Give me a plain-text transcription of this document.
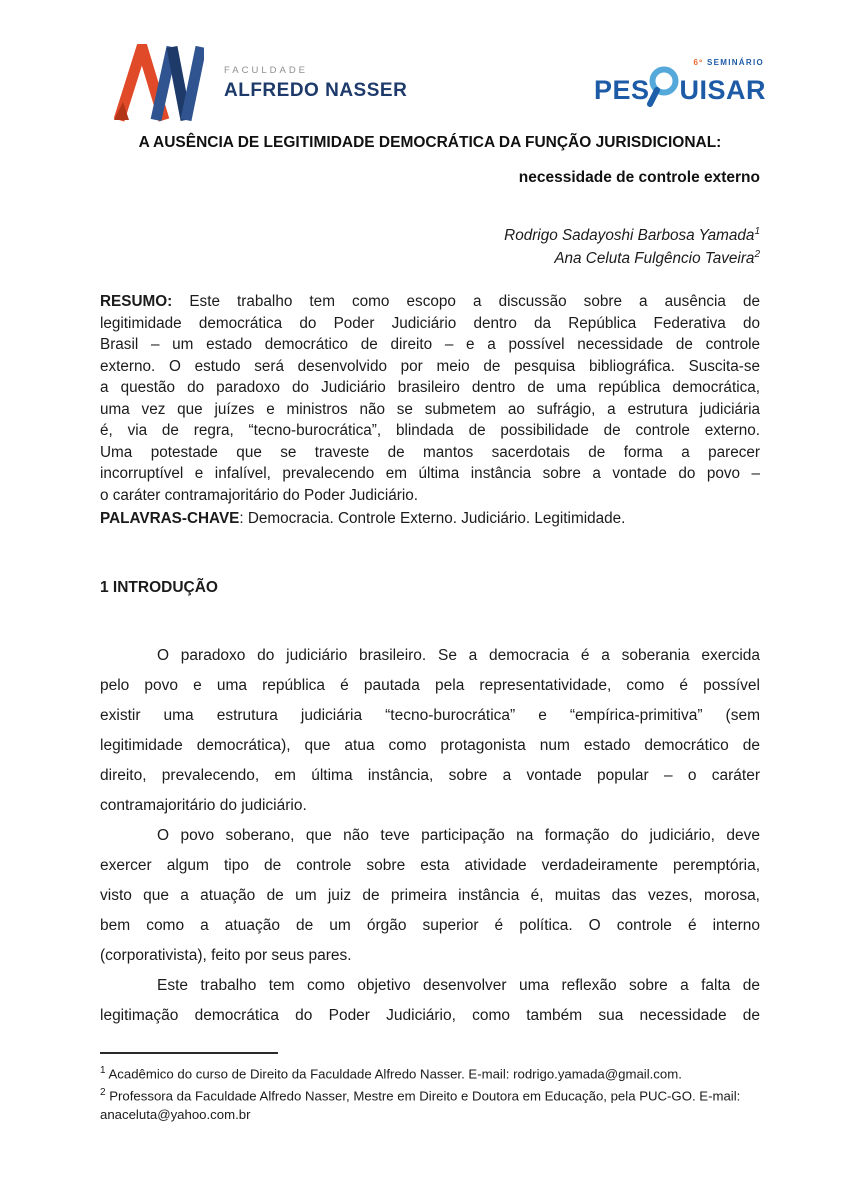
FACULDADE
ALFREDO NASSER
6º SEMINÁRIO
PES UISAR
A AUSÊNCIA DE LEGITIMIDADE DEMOCRÁTICA DA FUNÇÃO JURISDICIONAL:
necessidade de controle externo
Rodrigo Sadayoshi Barbosa Yamada$^1$
Ana Celuta Fulgêncio Taveira$^2$
RESUMO: Este trabalho tem como escopo a discussão sobre a ausência de
legitimidade democrática do Poder Judiciário dentro da República Federativa do
Brasil – um estado democrático de direito – e a possível necessidade de controle
externo. O estudo será desenvolvido por meio de pesquisa bibliográfica. Suscita-se
a questão do paradoxo do Judiciário brasileiro dentro de uma república democrática,
uma vez que juízes e ministros não se submetem ao sufrágio, a estrutura judiciária
é, via de regra, “tecno-burocrática”, blindada de possibilidade de controle externo.
Uma potestade que se traveste de mantos sacerdotais de forma a parecer
incorruptível e infalível, prevalecendo em última instância sobre a vontade do povo –
o caráter contramajoritário do Poder Judiciário.
PALAVRAS-CHAVE: Democracia. Controle Externo. Judiciário. Legitimidade.
1 INTRODUÇÃO
O paradoxo do judiciário brasileiro. Se a democracia é a soberania exercida
pelo povo e uma república é pautada pela representatividade, como é possível
existir uma estrutura judiciária “tecno-burocrática” e “empírica-primitiva” (sem
legitimidade democrática), que atua como protagonista num estado democrático de
direito, prevalecendo, em última instância, sobre a vontade popular – o caráter
contramajoritário do judiciário.
O povo soberano, que não teve participação na formação do judiciário, deve
exercer algum tipo de controle sobre esta atividade verdadeiramente peremptória,
visto que a atuação de um juiz de primeira instância é, muitas das vezes, morosa,
bem como a atuação de um órgão superior é política. O controle é interno
(corporativista), feito por seus pares.
Este trabalho tem como objetivo desenvolver uma reflexão sobre a falta de
legitimação democrática do Poder Judiciário, como também sua necessidade de
$^1$ Acadêmico do curso de Direito da Faculdade Alfredo Nasser. E-mail: rodrigo.yamada@gmail.com.
$^2$ Professora da Faculdade Alfredo Nasser, Mestre em Direito e Doutora em Educação, pela PUC-GO. E-mail: anaceluta@yahoo.com.br
